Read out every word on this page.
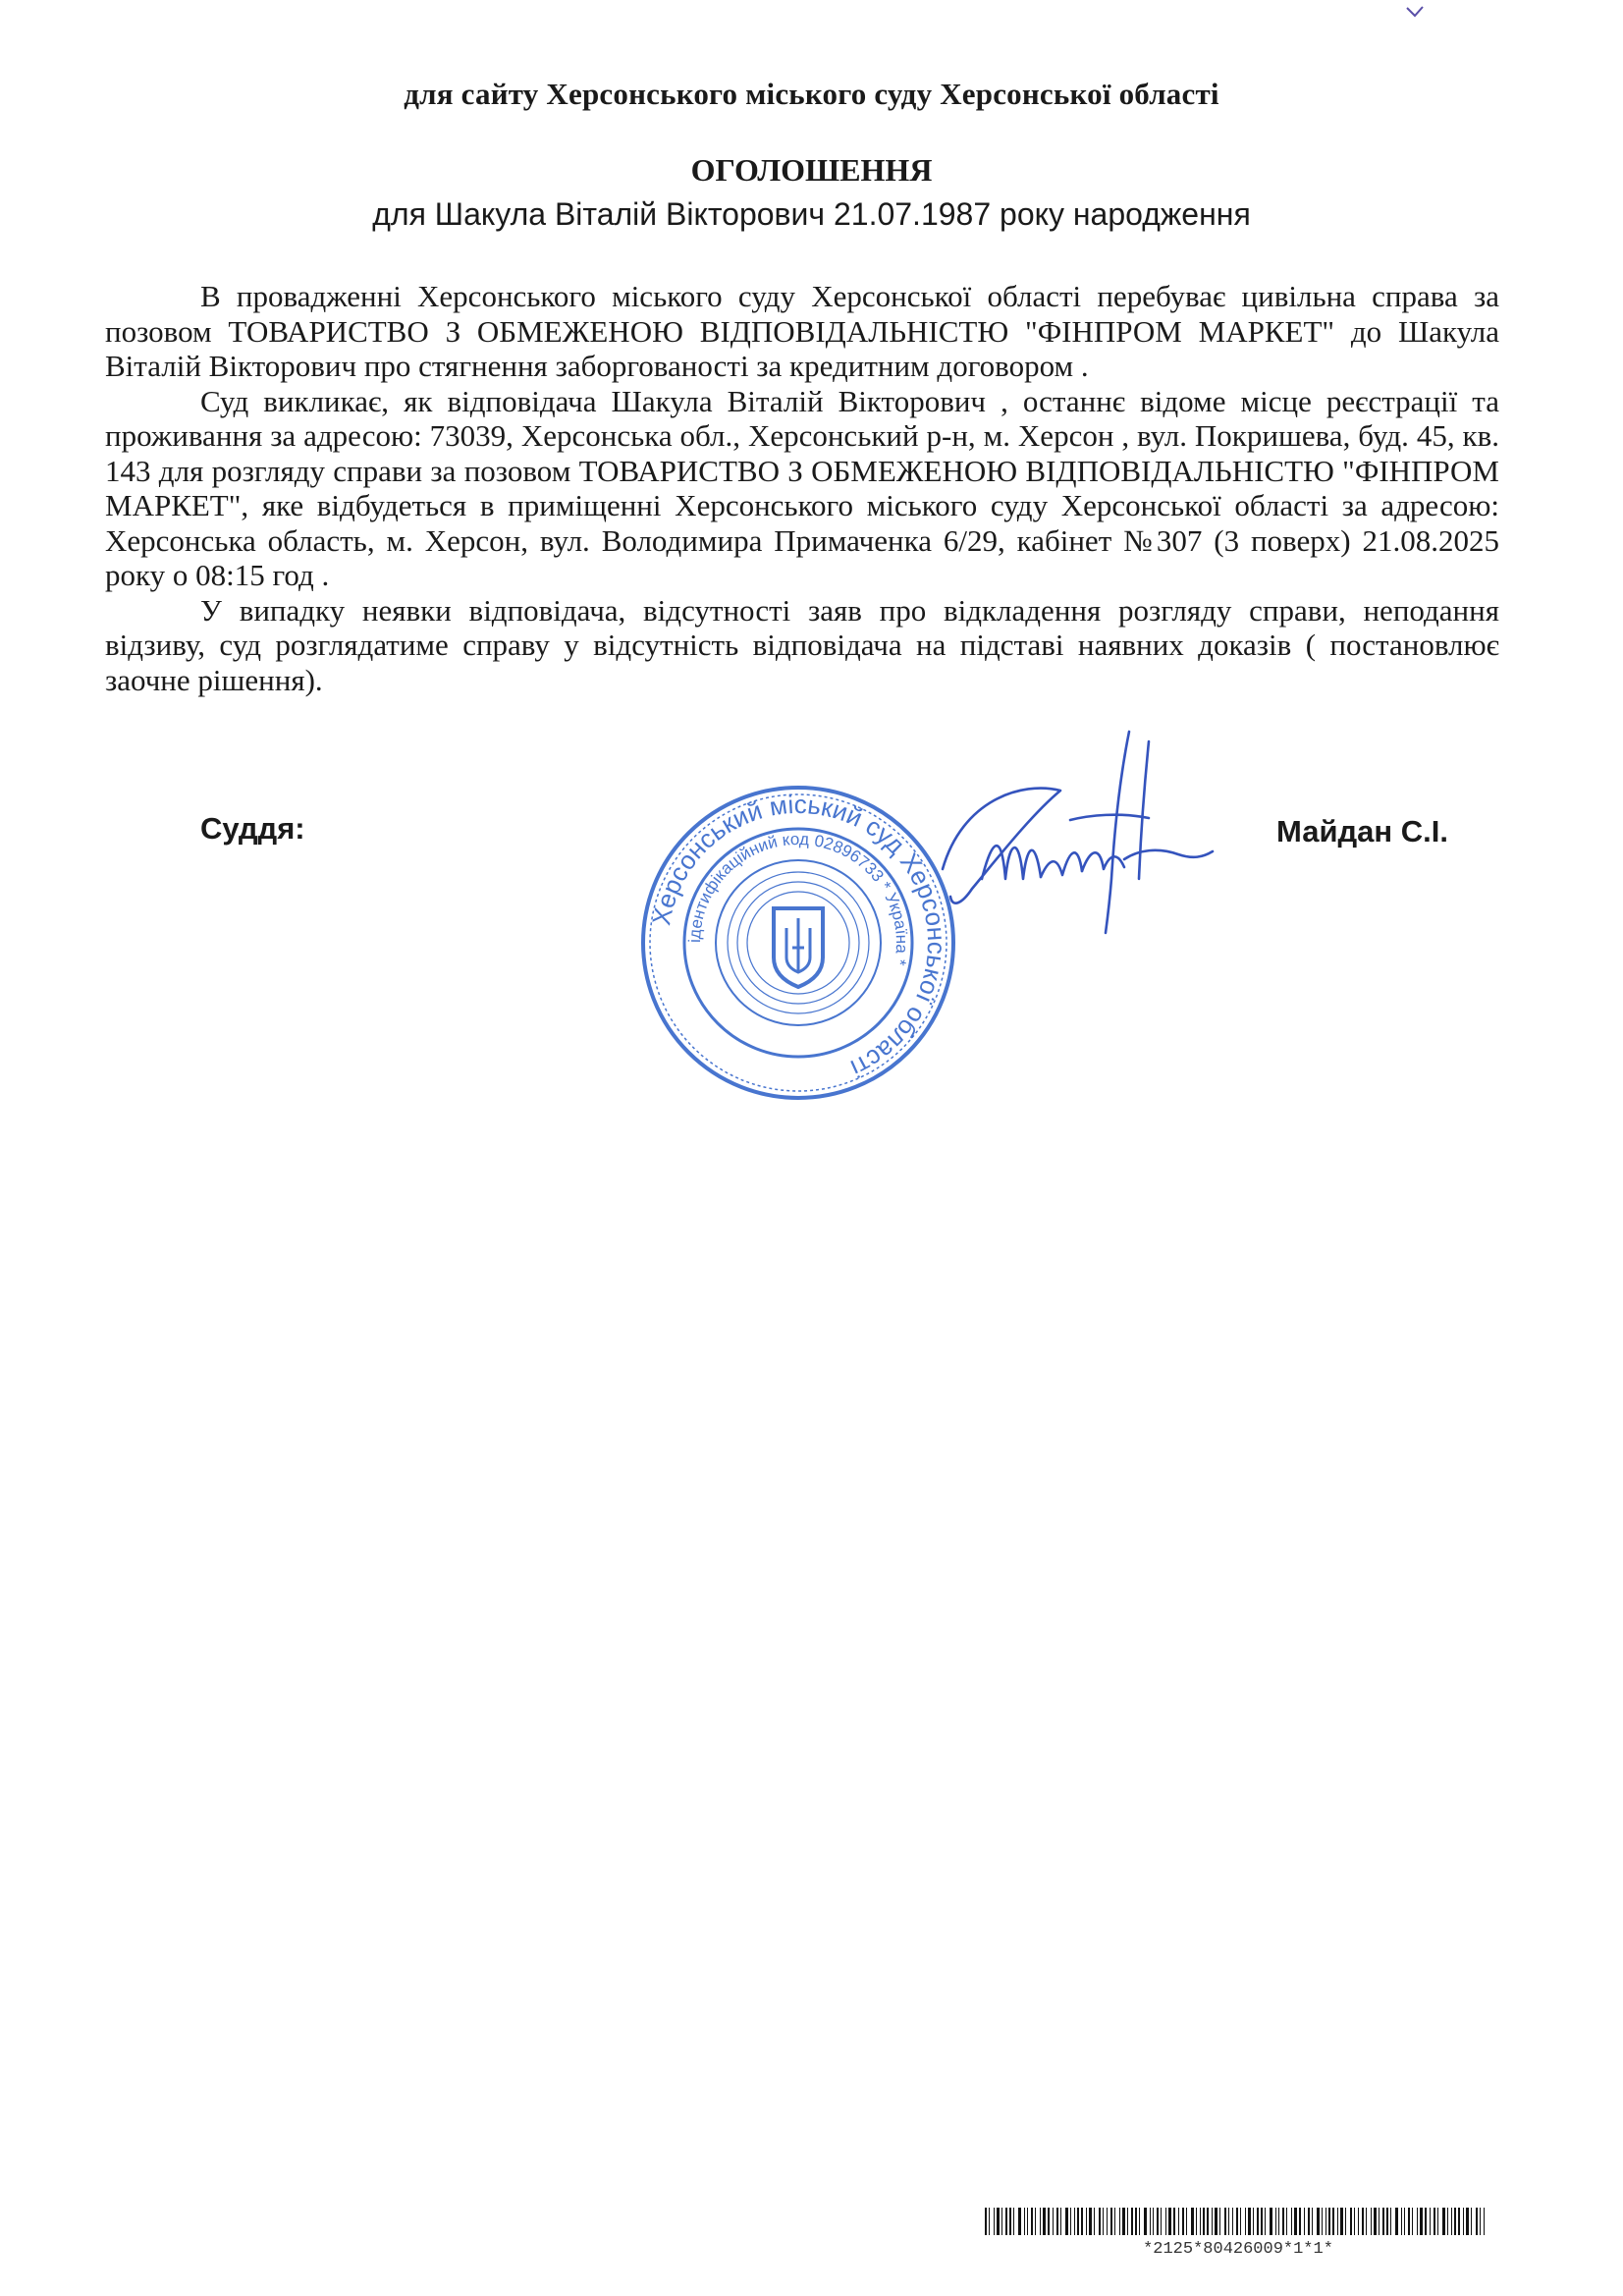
для сайту Херсонського міського суду Херсонської області
ОГОЛОШЕННЯ
для Шакула Віталій Вікторович 21.07.1987 року народження

В провадженні Херсонського міського суду Херсонської області перебуває цивільна справа за позовом ТОВАРИСТВО З ОБМЕЖЕНОЮ ВІДПОВІДАЛЬНІСТЮ "ФІНПРОМ МАРКЕТ" до Шакула Віталій Вікторович про стягнення заборгованості за кредитним договором .

Суд викликає, як відповідача Шакула Віталій Вікторович , останнє відоме місце реєстрації та проживання за адресою: 73039, Херсонська обл., Херсонський р-н, м. Херсон , вул. Покришева, буд. 45, кв. 143 для розгляду справи за позовом ТОВАРИСТВО З ОБМЕЖЕНОЮ ВІДПОВІДАЛЬНІСТЮ "ФІНПРОМ МАРКЕТ", яке відбудеться в приміщенні Херсонського міського суду Херсонської області за адресою: Херсонська область, м. Херсон, вул. Володимира Примаченка 6/29, кабінет №307 (3 поверх) 21.08.2025 року о 08:15 год .

У випадку неявки відповідача, відсутності заяв про відкладення розгляду справи, неподання відзиву, суд розглядатиме справу у відсутність відповідача на підставі наявних доказів ( постановлює заочне рішення).

Суддя:	Майдан С.І.
Херсонський міський суд Херсонської області
ідентифікаційний код 02896733 * Україна *
*2125*80426009*1*1*
